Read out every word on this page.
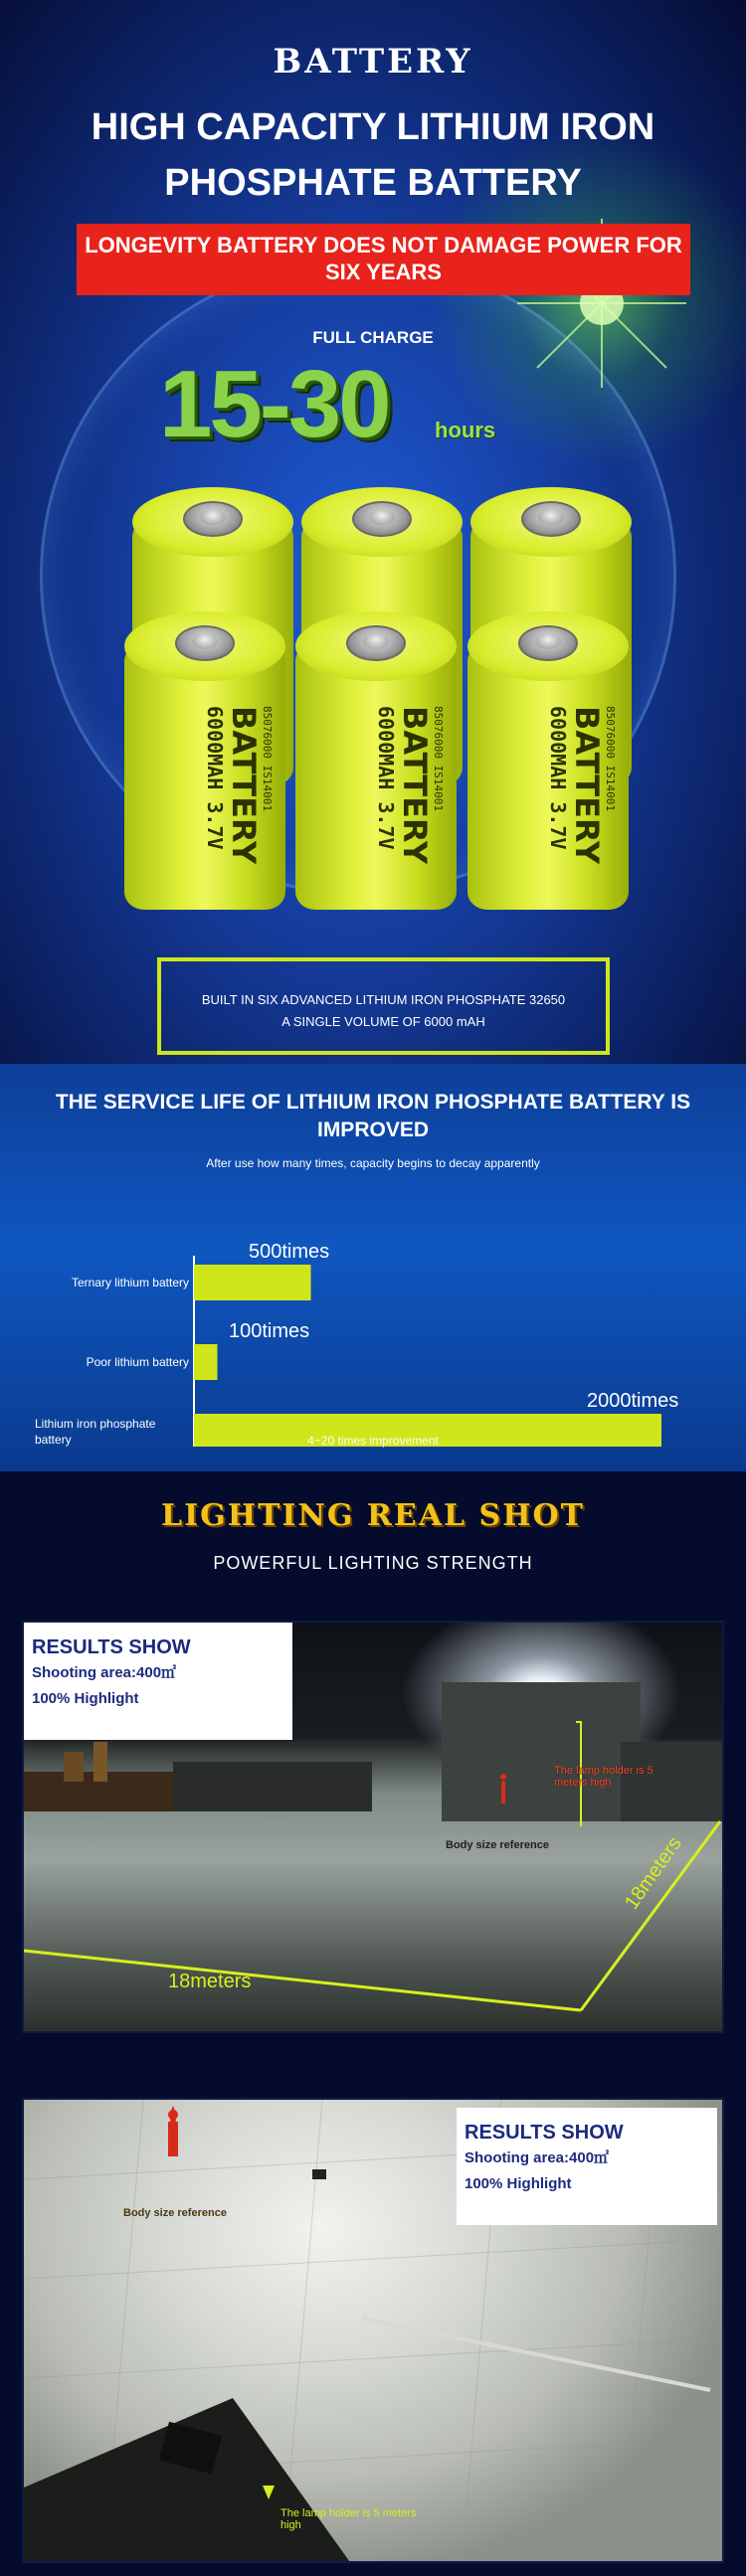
BATTERY
HIGH CAPACITY LITHIUM IRON PHOSPHATE BATTERY
LONGEVITY BATTERY DOES NOT DAMAGE POWER FOR SIX YEARS
FULL CHARGE
15-30 hours
85076000 IS14001
BATTERY
6000MAH 3.7V	85076000 IS14001
BATTERY
6000MAH 3.7V	85076000 IS14001
BATTERY
6000MAH 3.7V
BUILT IN SIX ADVANCED LITHIUM IRON PHOSPHATE 32650
A SINGLE VOLUME OF 6000 mAH
THE SERVICE LIFE OF LITHIUM IRON PHOSPHATE BATTERY IS IMPROVED
After use how many times, capacity begins to decay apparently
Ternary lithium battery
500times
Poor lithium battery
100times
Lithium iron phosphate
battery
2000times
4~20 times improvement
LIGHTING REAL SHOT
POWERFUL LIGHTING STRENGTH
RESULTS SHOW
Shooting area:400㎡
100% Highlight
The lamp holder is 5 meters high
Body size reference
18meters
18meters
RESULTS SHOW
Shooting area:400㎡
100% Highlight
Body size reference
The lamp holder is 5 meters high
